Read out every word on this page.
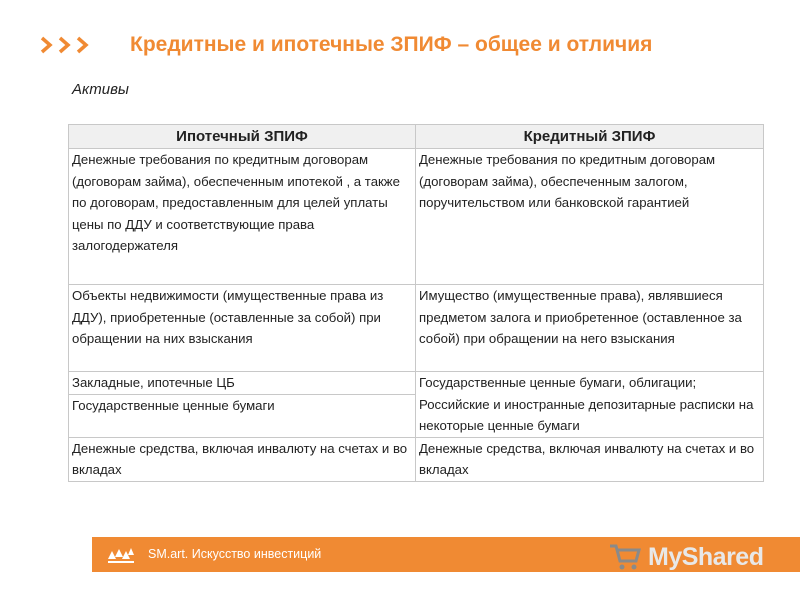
Кредитные и ипотечные ЗПИФ – общее и отличия
Активы
Ипотечный ЗПИФ	Кредитный ЗПИФ
Денежные требования по кредитным договорам (договорам займа), обеспеченным ипотекой , а также по договорам, предоставленным для целей уплаты цены по ДДУ и соответствующие права залогодержателя	Денежные требования по кредитным договорам (договорам займа), обеспеченным залогом, поручительством или банковской гарантией
Объекты недвижимости (имущественные права из ДДУ), приобретенные (оставленные за собой) при обращении на них взыскания	Имущество (имущественные права), являвшиеся предметом залога и приобретенное (оставленное за собой) при обращении на него взыскания
Закладные, ипотечные ЦБ	Государственные ценные бумаги, облигации; Российские и иностранные депозитарные расписки на некоторые ценные бумаги
Государственные ценные бумаги	
Денежные средства, включая инвалюту на счетах и во вкладах	Денежные средства, включая инвалюту на счетах и во вкладах
SM.art. Искусство инвестиций	MyShared
